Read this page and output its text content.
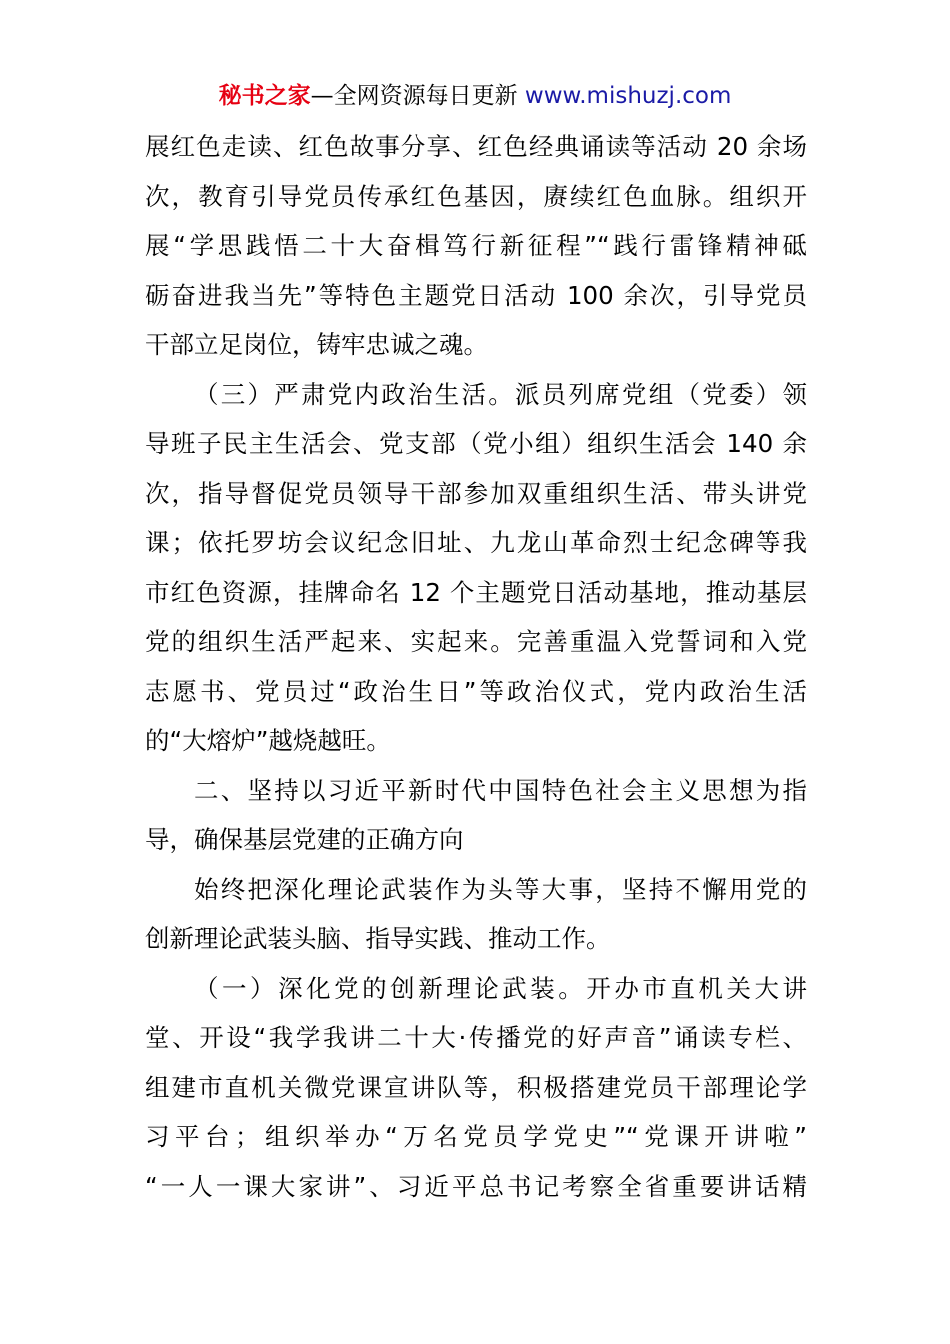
秘书之家—全网资源每日更新 www.mishuzj.com

展红色走读、红色故事分享、红色经典诵读等活动 20 余场
次，教育引导党员传承红色基因，赓续红色血脉。组织开
展“学思践悟二十大奋楫笃行新征程”“践行雷锋精神砥
砺奋进我当先”等特色主题党日活动 100 余次，引导党员
干部立足岗位，铸牢忠诚之魂。

（三）严肃党内政治生活。派员列席党组（党委）领
导班子民主生活会、党支部（党小组）组织生活会 140 余
次，指导督促党员领导干部参加双重组织生活、带头讲党
课；依托罗坊会议纪念旧址、九龙山革命烈士纪念碑等我
市红色资源，挂牌命名 12 个主题党日活动基地，推动基层
党的组织生活严起来、实起来。完善重温入党誓词和入党
志愿书、党员过“政治生日”等政治仪式，党内政治生活
的“大熔炉”越烧越旺。

二、坚持以习近平新时代中国特色社会主义思想为指
导，确保基层党建的正确方向

始终把深化理论武装作为头等大事，坚持不懈用党的
创新理论武装头脑、指导实践、推动工作。

（一）深化党的创新理论武装。开办市直机关大讲
堂、开设“我学我讲二十大·传播党的好声音”诵读专栏、
组建市直机关微党课宣讲队等，积极搭建党员干部理论学
习平台；组织举办“万名党员学党史”“党课开讲啦”
“一人一课大家讲”、习近平总书记考察全省重要讲话精
